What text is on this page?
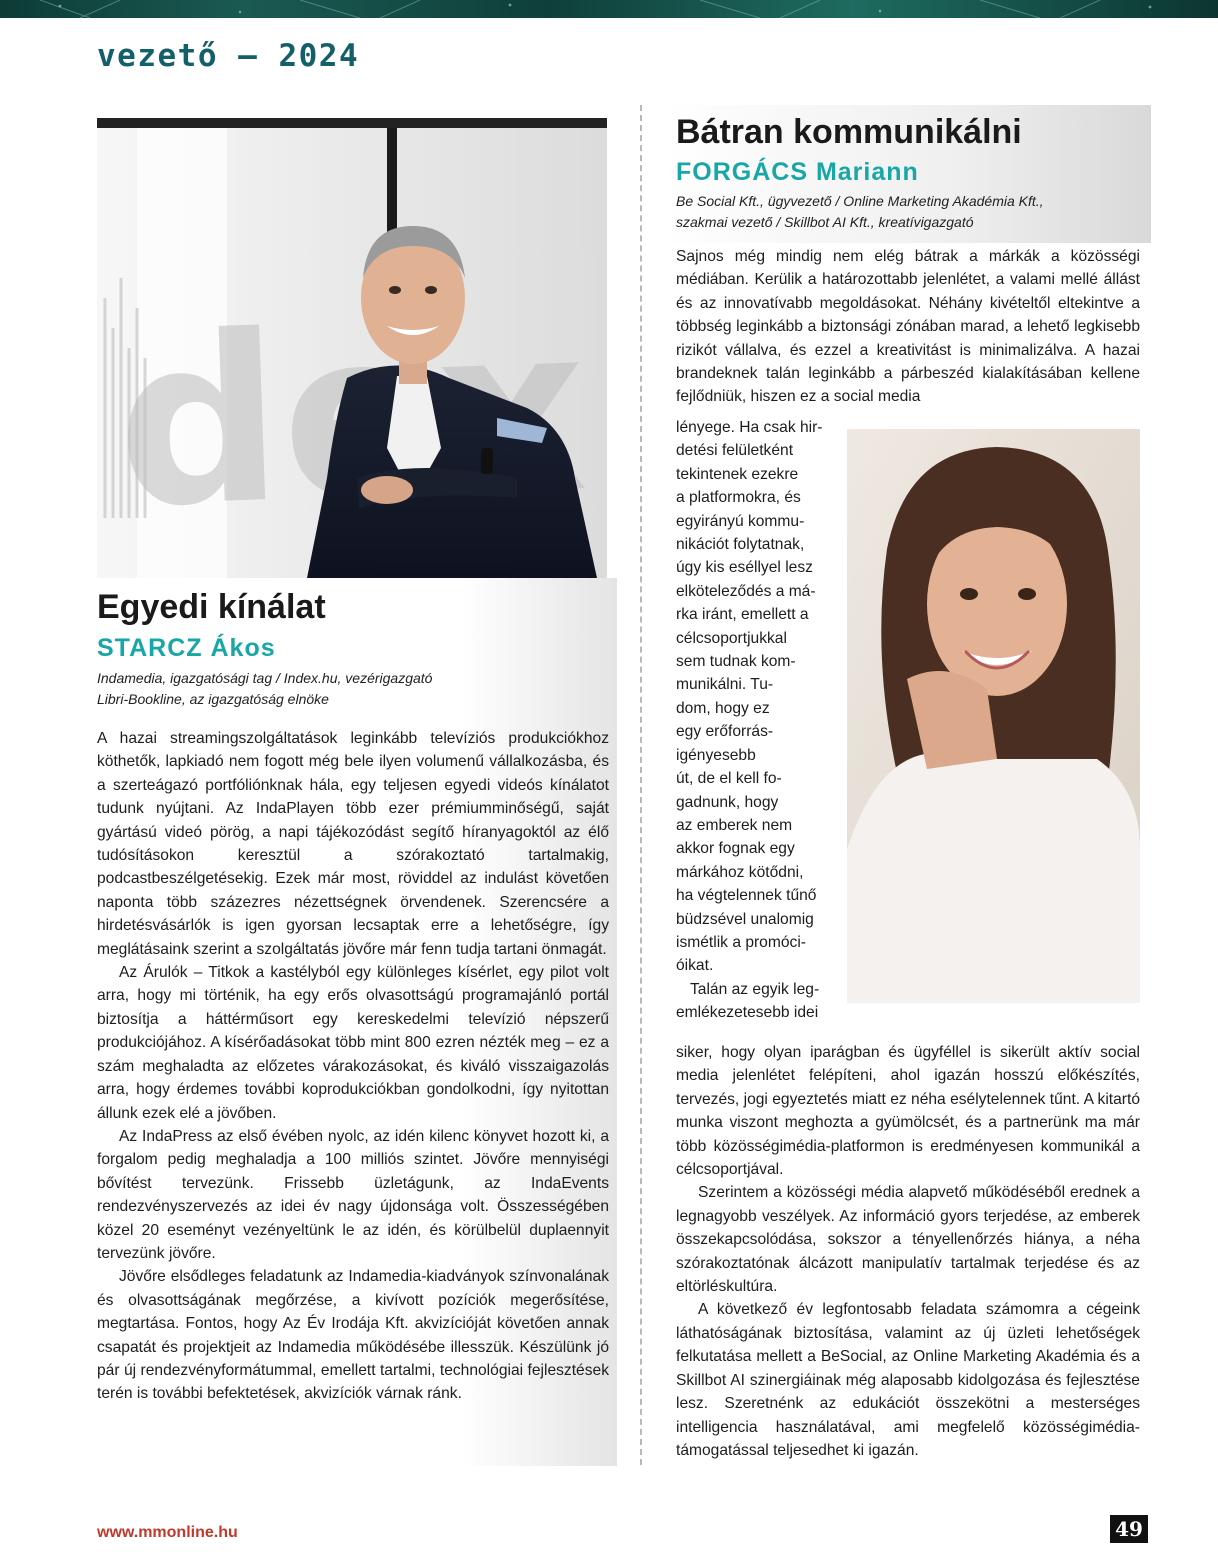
vezető – 2024
Egyedi kínálat
STARCZ Ákos
Indamedia, igazgatósági tag / Index.hu, vezérigazgató
Libri-Bookline, az igazgatóság elnöke

A hazai streamingszolgáltatások leginkább televíziós produkciókhoz köthetők, lapkiadó nem fogott még bele ilyen volumenű vállalkozásba, és a szerteágazó portfóliónknak hála, egy teljesen egyedi videós kínálatot tudunk nyújtani. Az IndaPlayen több ezer prémiumminőségű, saját gyártású videó pörög, a napi tájékozódást segítő híranyagoktól az élő tudósításokon keresztül a szórakoztató tartalmakig, podcastbeszélgetésekig. Ezek már most, röviddel az indulást követően naponta több százezres nézettségnek örvendenek. Szerencsére a hirdetésvásárlók is igen gyorsan lecsaptak erre a lehetőségre, így meglátásaink szerint a szolgáltatás jövőre már fenn tudja tartani önmagát.

Az Árulók – Titkok a kastélyból egy különleges kísérlet, egy pilot volt arra, hogy mi történik, ha egy erős olvasottságú programajánló portál biztosítja a háttérműsort egy kereskedelmi televízió népszerű produkciójához. A kísérőadásokat több mint 800 ezren nézték meg – ez a szám meghaladta az előzetes várakozásokat, és kiváló visszaigazolás arra, hogy érdemes további koprodukciókban gondolkodni, így nyitottan állunk ezek elé a jövőben.

Az IndaPress az első évében nyolc, az idén kilenc könyvet hozott ki, a forgalom pedig meghaladja a 100 milliós szintet. Jövőre mennyiségi bővítést tervezünk. Frissebb üzletágunk, az IndaEvents rendezvényszervezés az idei év nagy újdonsága volt. Összességében közel 20 eseményt vezényeltünk le az idén, és körülbelül duplaennyit tervezünk jövőre.

Jövőre elsődleges feladatunk az Indamedia-kiadványok színvonalának és olvasottságának megőrzése, a kivívott pozíciók megerősítése, megtartása. Fontos, hogy Az Év Irodája Kft. akvizícióját követően annak csapatát és projektjeit az Indamedia működésébe illesszük. Készülünk jó pár új rendezvényformátummal, emellett tartalmi, technológiai fejlesztések terén is további befektetések, akvizíciók várnak ránk.

Bátran kommunikálni
FORGÁCS Mariann
Be Social Kft., ügyvezető / Online Marketing Akadémia Kft.,
szakmai vezető / Skillbot AI Kft., kreatívigazgató

Sajnos még mindig nem elég bátrak a márkák a közösségi médiában. Kerülik a határozottabb jelenlétet, a valami mellé állást és az innovatívabb megoldásokat. Néhány kivételtől eltekintve a többség leginkább a biztonsági zónában marad, a lehető legkisebb rizikót vállalva, és ezzel a kreativitást is minimalizálva. A hazai brandeknek talán leginkább a párbeszéd kialakításában kellene fejlődniük, hiszen ez a social media

lényege. Ha csak hir-
detési felületként
tekintenek ezekre
a platformokra, és
egyirányú kommu-
nikációt folytatnak,
úgy kis eséllyel lesz
elköteleződés a má-
rka iránt, emellett a
célcsoportjukkal
sem tudnak kom-
munikálni. Tu-
dom, hogy ez
egy erőforrás-
igényesebb
út, de el kell fo-
gadnunk, hogy
az emberek nem
akkor fognak egy
márkához kötődni,
ha végtelennek tűnő
büdzsével unalomig
ismétlik a promóci-
óikat.
Talán az egyik leg-
emlékezetesebb idei

siker, hogy olyan iparágban és ügyféllel is sikerült aktív social media jelenlétet felépíteni, ahol igazán hosszú előkészítés, tervezés, jogi egyeztetés miatt ez néha esélytelennek tűnt. A kitartó munka viszont meghozta a gyümölcsét, és a partnerünk ma már több közösségimédia-platformon is eredményesen kommunikál a célcsoportjával.

Szerintem a közösségi média alapvető működéséből erednek a legnagyobb veszélyek. Az információ gyors terjedése, az emberek összekapcsolódása, sokszor a tényellenőrzés hiánya, a néha szórakoztatónak álcázott manipulatív tartalmak terjedése és az eltörléskultúra.

A következő év legfontosabb feladata számomra a cégeink láthatóságának biztosítása, valamint az új üzleti lehetőségek felkutatása mellett a BeSocial, az Online Marketing Akadémia és a Skillbot AI szinergiáinak még alaposabb kidolgozása és fejlesztése lesz. Szeretnénk az edukációt összekötni a mesterséges intelligencia használatával, ami megfelelő közösségimédia-támogatással teljesedhet ki igazán.

www.mmonline.hu	49
